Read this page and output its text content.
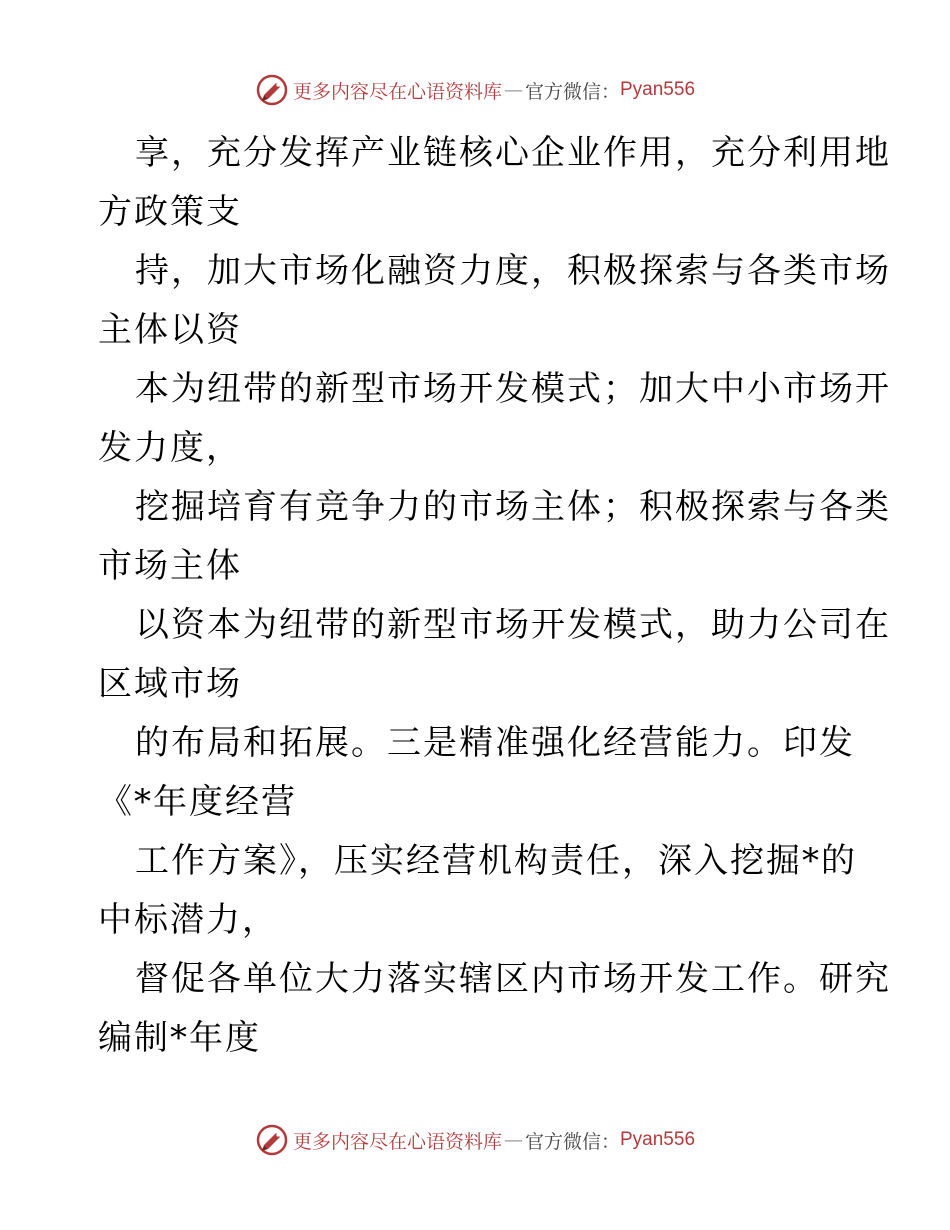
更多内容尽在心语资料库 — 官方微信： Pyan556

享，充分发挥产业链核心企业作用，充分利用地
方政策支

持，加大市场化融资力度，积极探索与各类市场
主体以资

本为纽带的新型市场开发模式；加大中小市场开
发力度，

挖掘培育有竞争力的市场主体；积极探索与各类
市场主体

以资本为纽带的新型市场开发模式，助力公司在
区域市场

的布局和拓展。三是精准强化经营能力。印发
《*年度经营

工作方案》，压实经营机构责任，深入挖掘*的
中标潜力，

督促各单位大力落实辖区内市场开发工作。研究
编制*年度

更多内容尽在心语资料库 — 官方微信： Pyan556
